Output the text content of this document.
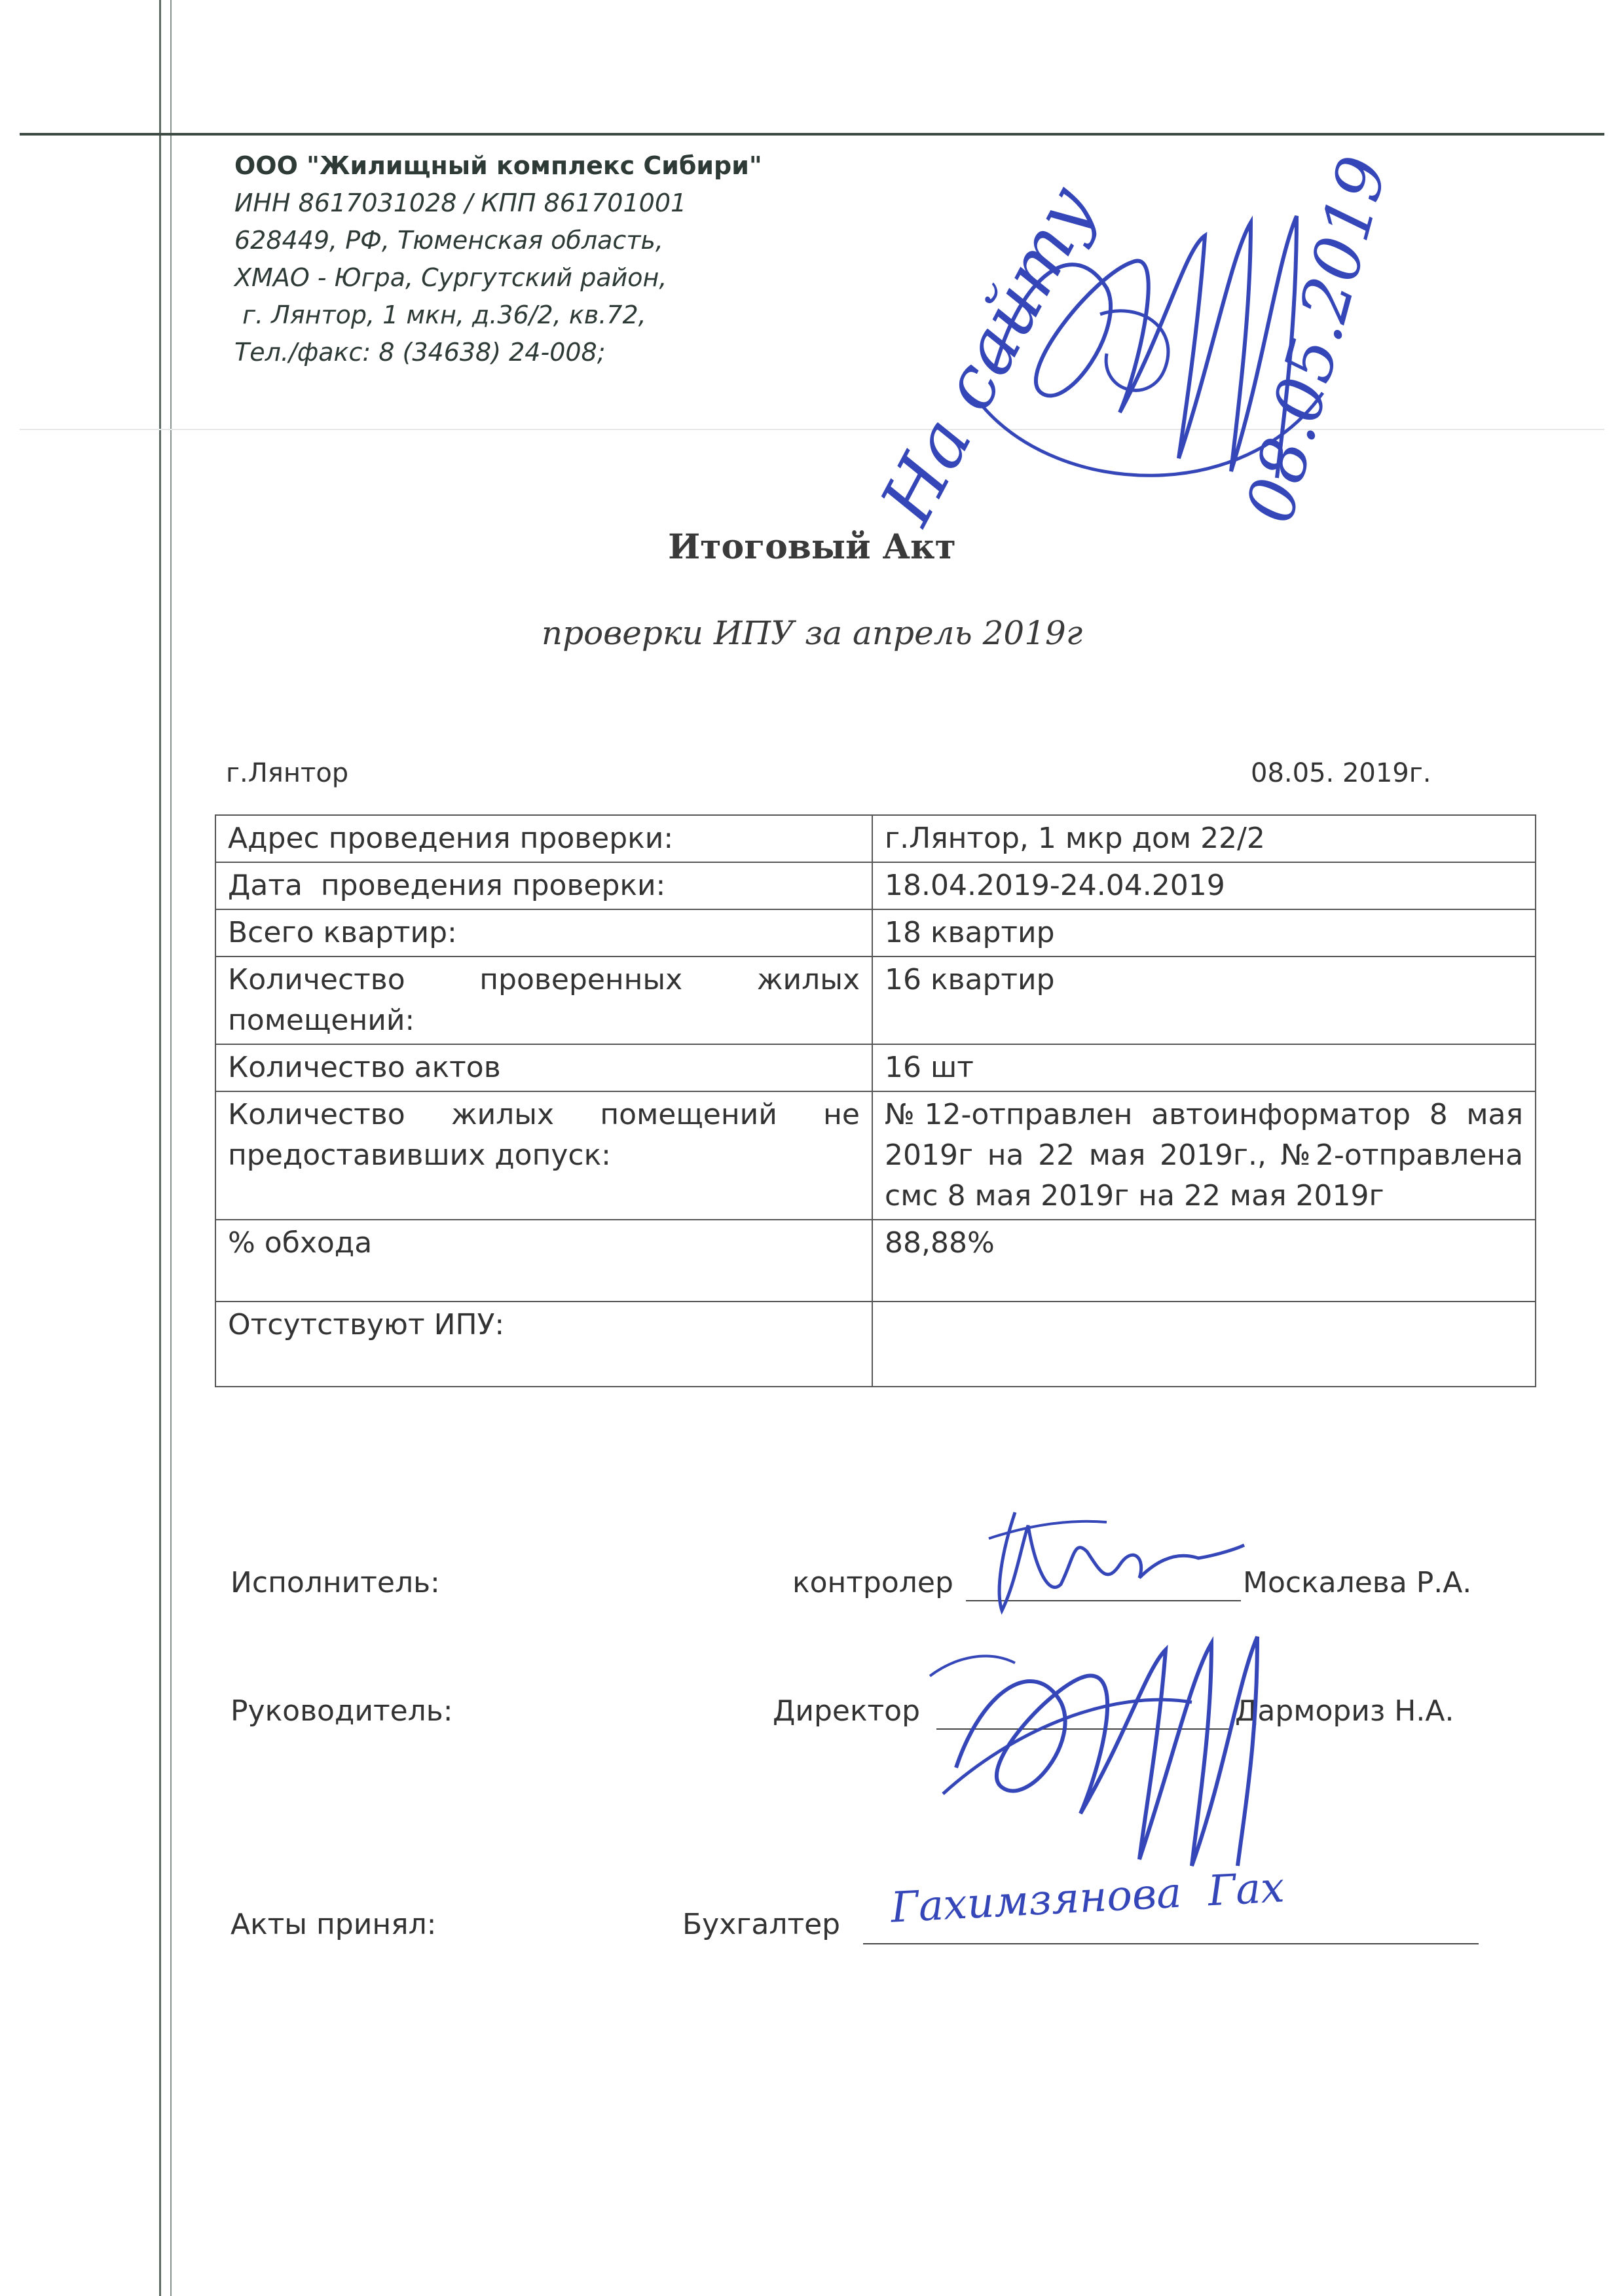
ООО "Жилищный комплекс Сибири"
ИНН 8617031028 / КПП 861701001
628449, РФ, Тюменская область,
ХМАО - Югра, Сургутский район,
г. Лянтор, 1 мкн, д.36/2, кв.72,
Тел./факс: 8 (34638) 24-008;	На сайту 08.05.2019
Итоговый Акт
проверки ИПУ за апрель 2019г
г.Лянтор	08.05. 2019г.
Адрес проведения проверки:	г.Лянтор, 1 мкр дом 22/2
Дата  проведения проверки:	18.04.2019-24.04.2019
Всего квартир:	18 квартир
Количество проверенных жилых помещений:	16 квартир
Количество актов	16 шт
Количество жилых помещений не предоставивших допуск:	№12-отправлен автоинформатор 8 мая 2019г на 22 мая 2019г., №2-отправлена смс 8 мая 2019г на 22 мая 2019г
% обхода	88,88%
Отсутствуют ИПУ:	
Исполнитель:	контролер	Москалева Р.А.
Руководитель:	Директор	Дармориз Н.А.
Акты принял:	Бухгалтер Гахимзянова  Гах
